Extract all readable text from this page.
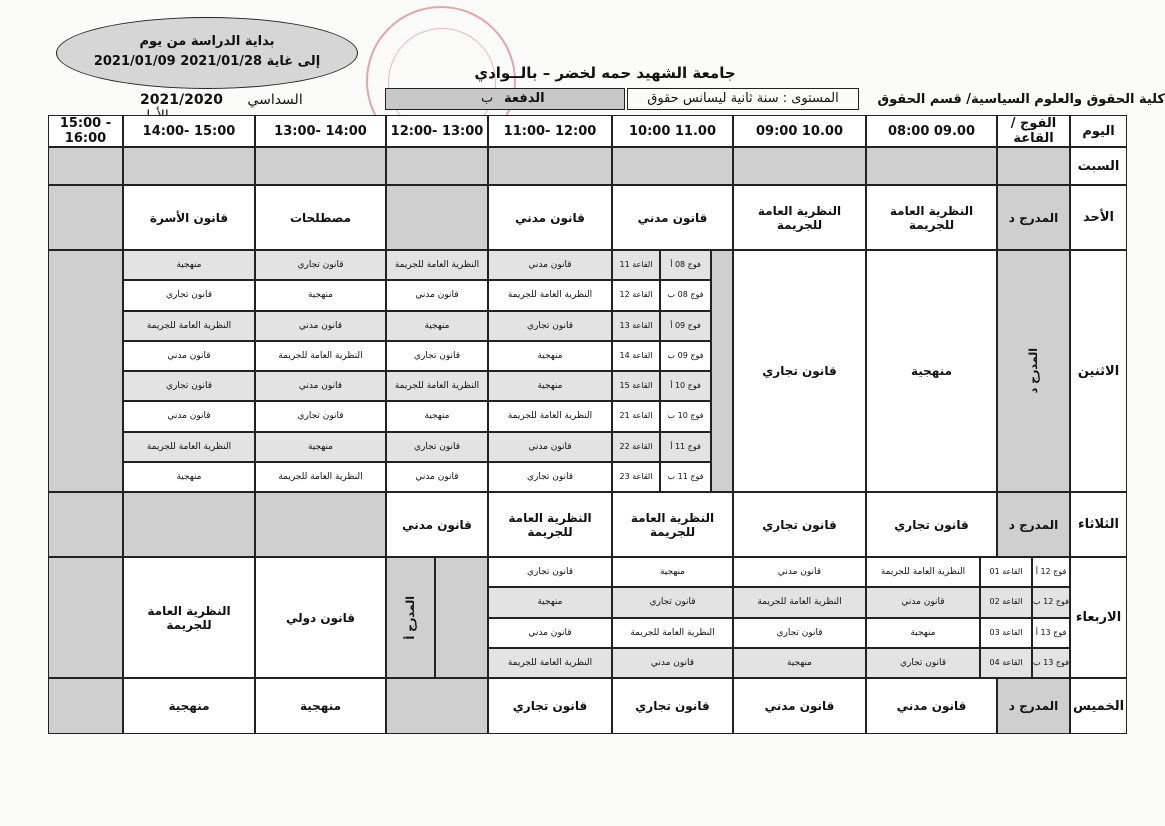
بداية الدراسة من يوم
2021/01/09 إلى غاية 2021/01/28
جامعة الشهيد حمه لخضر – بالــوادي
ب الدفعة	المستوى : سنة ثانية ليسانس حقوق	كلية الحقوق والعلوم السياسية/ قسم الحقوق
2021/2020 السداسي
اليوم
الفوج / القاعة
08:00 09.00
09:00 10.00
10:00 11.00
11:00- 12:00
12:00- 13:00
13:00- 14:00
14:00- 15:00
15:00 -
16:00
السبت
الأحد
المدرج د
النظرية العامة للجريمة
النظرية العامة للجريمة
قانون مدني
قانون مدني
مصطلحات
قانون الأسرة
الاثنين
المدرج د
منهجية
قانون تجاري
فوج 08 أ
القاعة 11
قانون مدني
النظرية العامة للجريمة
قانون تجاري
منهجية
فوج 08 ب
القاعة 12
النظرية العامة للجريمة
قانون مدني
منهجية
قانون تجاري
فوج 09 أ
القاعة 13
قانون تجاري
منهجية
قانون مدني
النظرية العامة للجريمة
فوج 09 ب
القاعة 14
منهجية
قانون تجاري
النظرية العامة للجريمة
قانون مدني
فوج 10 أ
القاعة 15
منهجية
النظرية العامة للجريمة
قانون مدني
قانون تجاري
فوج 10 ب
القاعة 21
النظرية العامة للجريمة
منهجية
قانون تجاري
قانون مدني
فوج 11 أ
القاعة 22
قانون مدني
قانون تجاري
منهجية
النظرية العامة للجريمة
فوج 11 ب
القاعة 23
قانون تجاري
قانون مدني
النظرية العامة للجريمة
منهجية
الثلاثاء
المدرج د
قانون تجاري
قانون تجاري
النظرية العامة للجريمة
النظرية العامة للجريمة
قانون مدني
الاربعاء
فوج 12 أ
القاعة 01
النظرية العامة للجريمة
قانون مدني
منهجية
قانون تجاري
فوج 12 ب
القاعة 02
قانون مدني
النظرية العامة للجريمة
قانون تجاري
منهجية
فوج 13 أ
القاعة 03
منهجية
قانون تجاري
النظرية العامة للجريمة
قانون مدني
فوج 13 ب
القاعة 04
قانون تجاري
منهجية
قانون مدني
النظرية العامة للجريمة
المدرج أ
قانون دولي
النظرية العامة للجريمة
الخميس
المدرج د
قانون مدني
قانون مدني
قانون تجاري
قانون تجاري
منهجية
منهجية
